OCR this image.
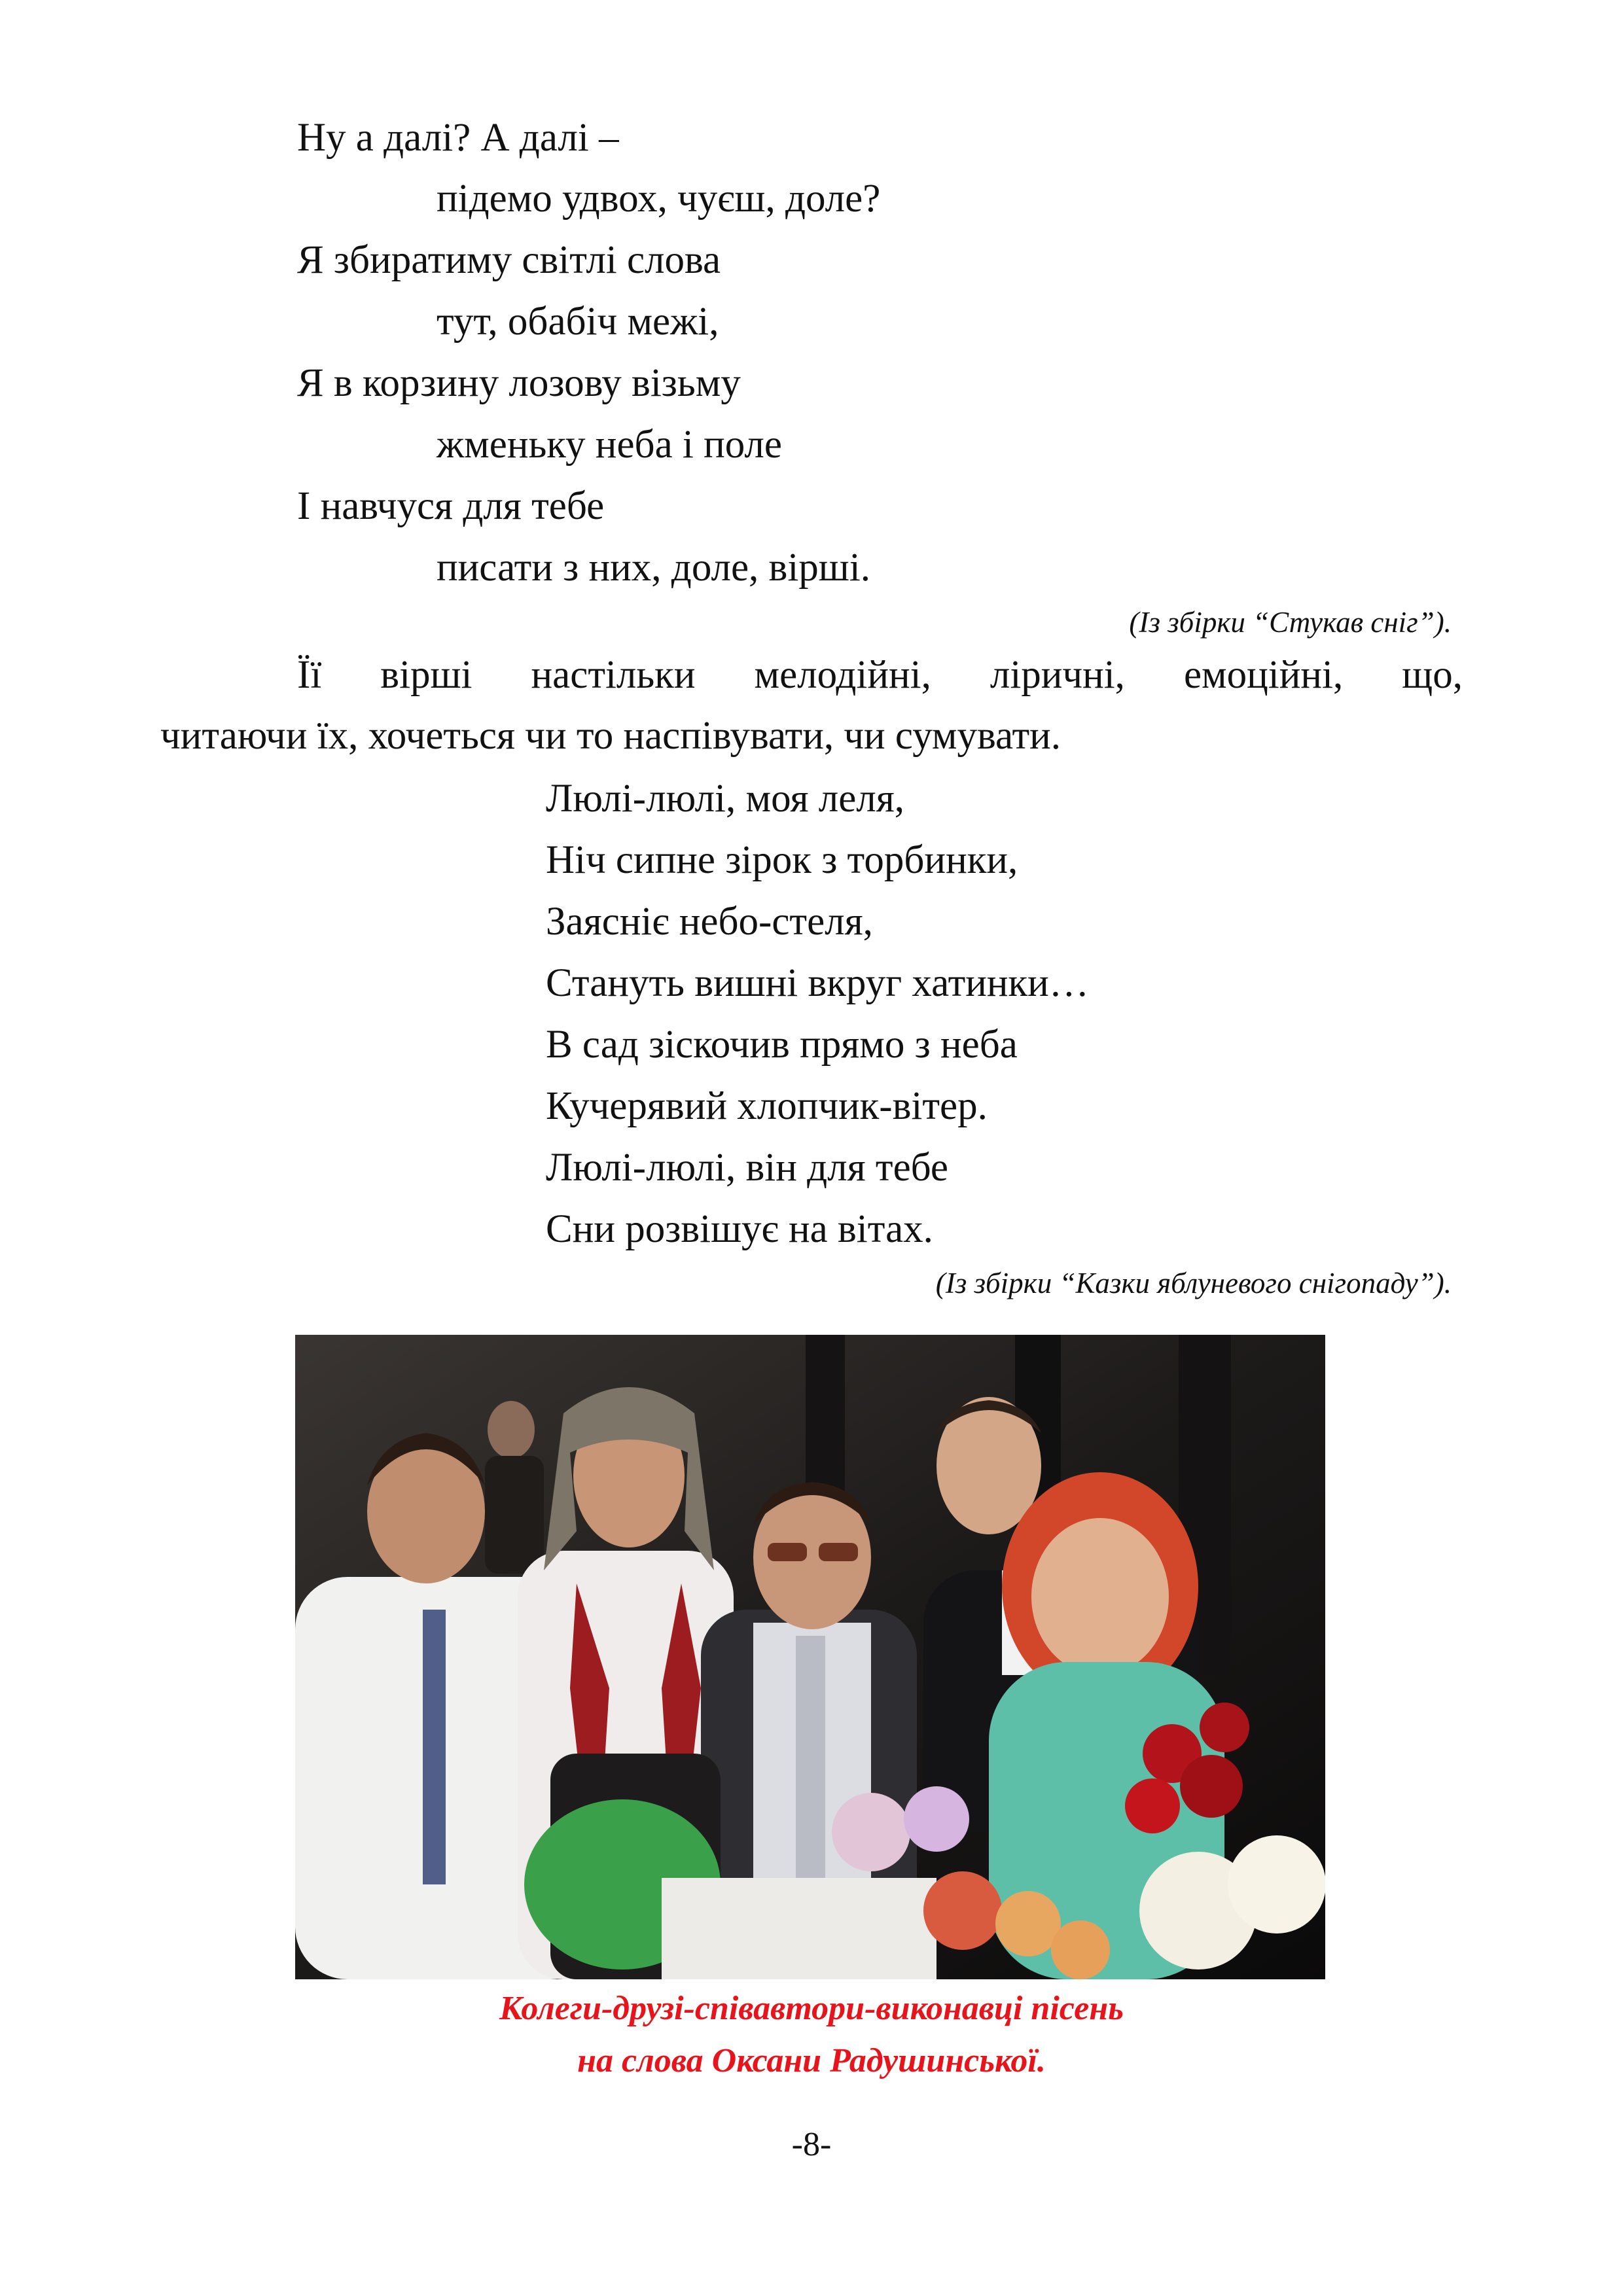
Ну а далі? А далі –
підемо удвох, чуєш, доле?
Я збиратиму світлі слова
тут, обабіч межі,
Я в корзину лозову візьму
жменьку неба і поле
І навчуся для тебе
писати з них, доле, вірші.
(Із збірки “Стукав сніг”).
Її вірші настільки мелодійні, ліричні, емоційні, що,
читаючи їх, хочеться чи то наспівувати, чи сумувати.
Люлі-люлі, моя леля,
Ніч сипне зірок з торбинки,
Заяснiє небо-стеля,
Стануть вишні вкруг хатинки…
В сад зіскочив прямо з неба
Кучерявий хлопчик-вітер.
Люлі-люлі, він для тебе
Сни розвішує на вітах.
(Із збірки “Казки яблуневого снігопаду”).
Колеги-друзі-співавтори-виконавці пісень
на слова Оксани Радушинської.
-8-
